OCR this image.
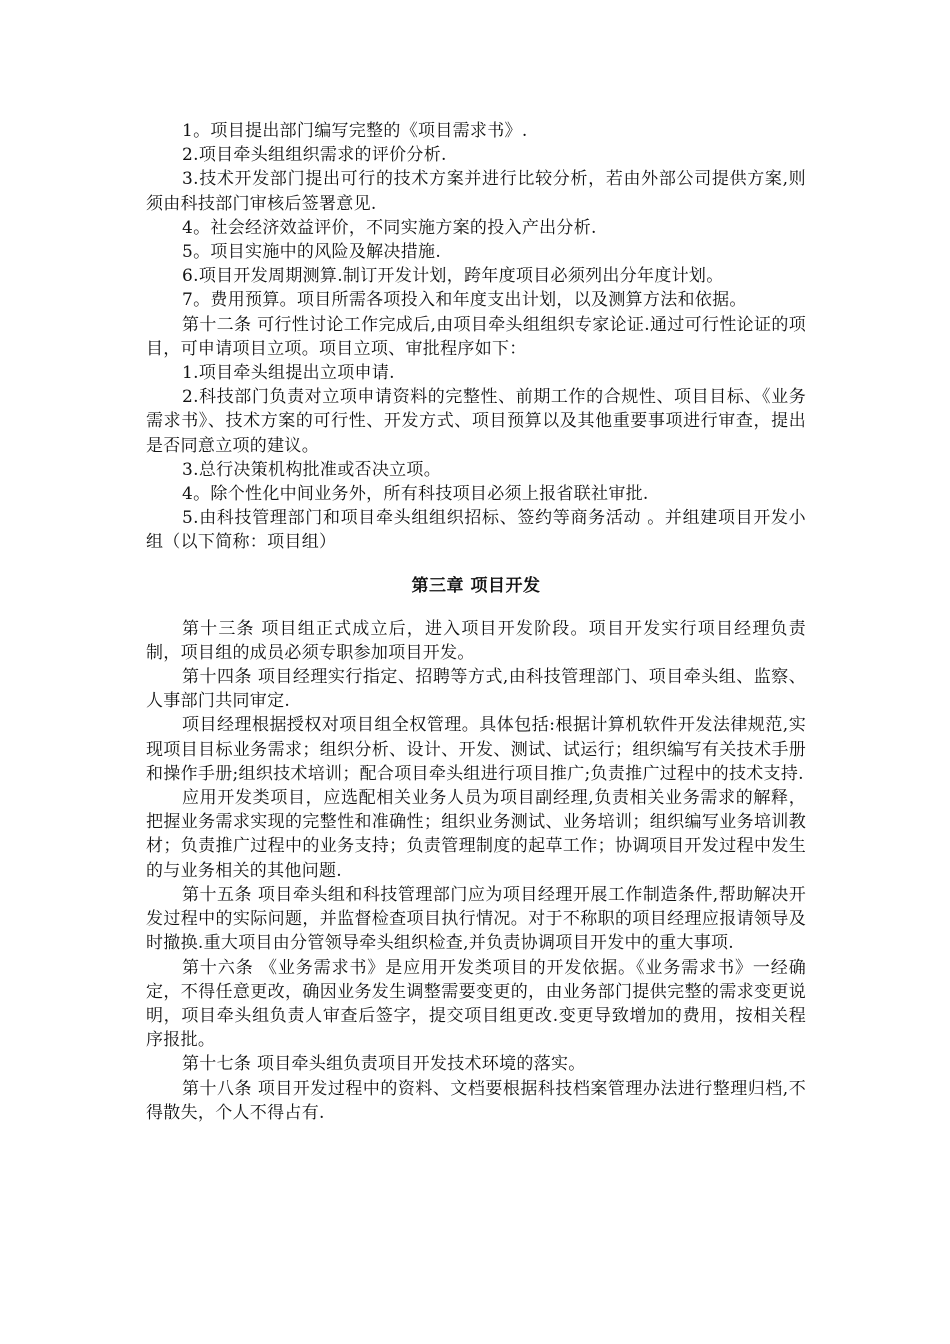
1。项目提出部门编写完整的《项目需求书》.

2.项目牵头组组织需求的评价分析.

3.技术开发部门提出可行的技术方案并进行比较分析，若由外部公司提供方案,则须由科技部门审核后签署意见.

4。社会经济效益评价，不同实施方案的投入产出分析.

5。项目实施中的风险及解决措施.

6.项目开发周期测算.制订开发计划，跨年度项目必须列出分年度计划。

7。费用预算。项目所需各项投入和年度支出计划，以及测算方法和依据。

第十二条 可行性讨论工作完成后,由项目牵头组组织专家论证.通过可行性论证的项目，可申请项目立项。项目立项、审批程序如下：

1.项目牵头组提出立项申请.

2.科技部门负责对立项申请资料的完整性、前期工作的合规性、项目目标、《业务需求书》、技术方案的可行性、开发方式、项目预算以及其他重要事项进行审查，提出是否同意立项的建议。

3.总行决策机构批准或否决立项。

4。除个性化中间业务外，所有科技项目必须上报省联社审批.

5.由科技管理部门和项目牵头组组织招标、签约等商务活动 。并组建项目开发小组（以下简称：项目组）

第三章 项目开发

第十三条 项目组正式成立后，进入项目开发阶段。项目开发实行项目经理负责制，项目组的成员必须专职参加项目开发。

第十四条 项目经理实行指定、招聘等方式,由科技管理部门、项目牵头组、监察、人事部门共同审定.

项目经理根据授权对项目组全权管理。具体包括:根据计算机软件开发法律规范,实现项目目标业务需求；组织分析、设计、开发、测试、试运行；组织编写有关技术手册和操作手册;组织技术培训；配合项目牵头组进行项目推广;负责推广过程中的技术支持.

应用开发类项目，应选配相关业务人员为项目副经理,负责相关业务需求的解释，把握业务需求实现的完整性和准确性；组织业务测试、业务培训；组织编写业务培训教材；负责推广过程中的业务支持；负责管理制度的起草工作；协调项目开发过程中发生的与业务相关的其他问题.

第十五条 项目牵头组和科技管理部门应为项目经理开展工作制造条件,帮助解决开发过程中的实际问题，并监督检查项目执行情况。对于不称职的项目经理应报请领导及时撤换.重大项目由分管领导牵头组织检查,并负责协调项目开发中的重大事项.

第十六条 《业务需求书》是应用开发类项目的开发依据。《业务需求书》一经确定，不得任意更改，确因业务发生调整需要变更的，由业务部门提供完整的需求变更说明，项目牵头组负责人审查后签字，提交项目组更改.变更导致增加的费用，按相关程序报批。

第十七条 项目牵头组负责项目开发技术环境的落实。

第十八条 项目开发过程中的资料、文档要根据科技档案管理办法进行整理归档,不得散失，个人不得占有.
